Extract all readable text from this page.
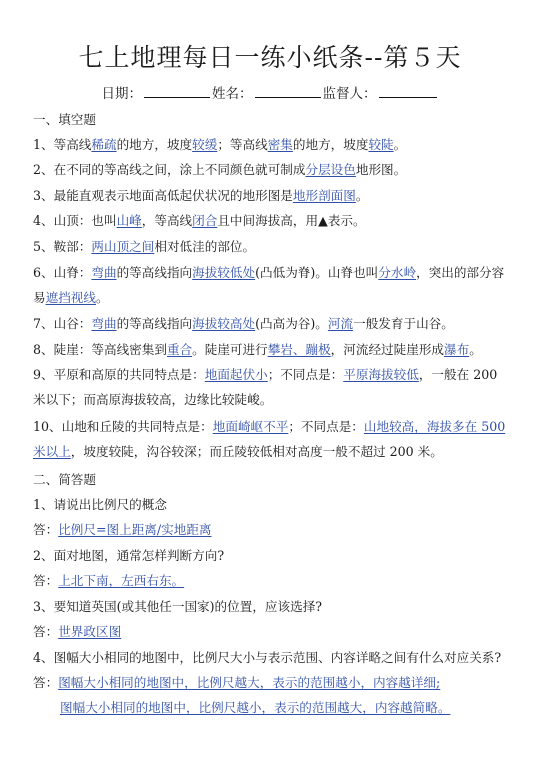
七上地理每日一练小纸条--第５天
日期：	姓名：	监督人：
一、填空题
1、等高线稀疏的地方，坡度较缓；等高线密集的地方，坡度较陡。
2、在不同的等高线之间，涂上不同颜色就可制成分层设色地形图。
3、最能直观表示地面高低起伏状况的地形图是地形剖面图。
4、山顶：也叫山峰，等高线闭合且中间海拔高，用▲表示。
5、鞍部：两山顶之间相对低洼的部位。
6、山脊：弯曲的等高线指向海拔较低处(凸低为脊)。山脊也叫分水岭，突出的部分容易遮挡视线。
7、山谷：弯曲的等高线指向海拔较高处(凸高为谷)。河流一般发育于山谷。
8、陡崖：等高线密集到重合。陡崖可进行攀岩、蹦极，河流经过陡崖形成瀑布。
9、平原和高原的共同特点是：地面起伏小；不同点是：平原海拔较低，一般在 200 米以下；而高原海拔较高，边缘比较陡峻。
10、山地和丘陵的共同特点是：地面崎岖不平；不同点是：山地较高，海拔多在 500 米以上，坡度较陡，沟谷较深；而丘陵较低相对高度一般不超过 200 米。
二、简答题
1、请说出比例尺的概念
答：比例尺=图上距离/实地距离
2、面对地图，通常怎样判断方向?
答：上北下南，左西右东。
3、要知道英国(或其他任一国家)的位置，应该选择?
答：世界政区图
4、图幅大小相同的地图中，比例尺大小与表示范围、内容详略之间有什么对应关系?
答：图幅大小相同的地图中，比例尺越大，表示的范围越小，内容越详细;
图幅大小相同的地图中，比例尺越小，表示的范围越大，内容越简略。
